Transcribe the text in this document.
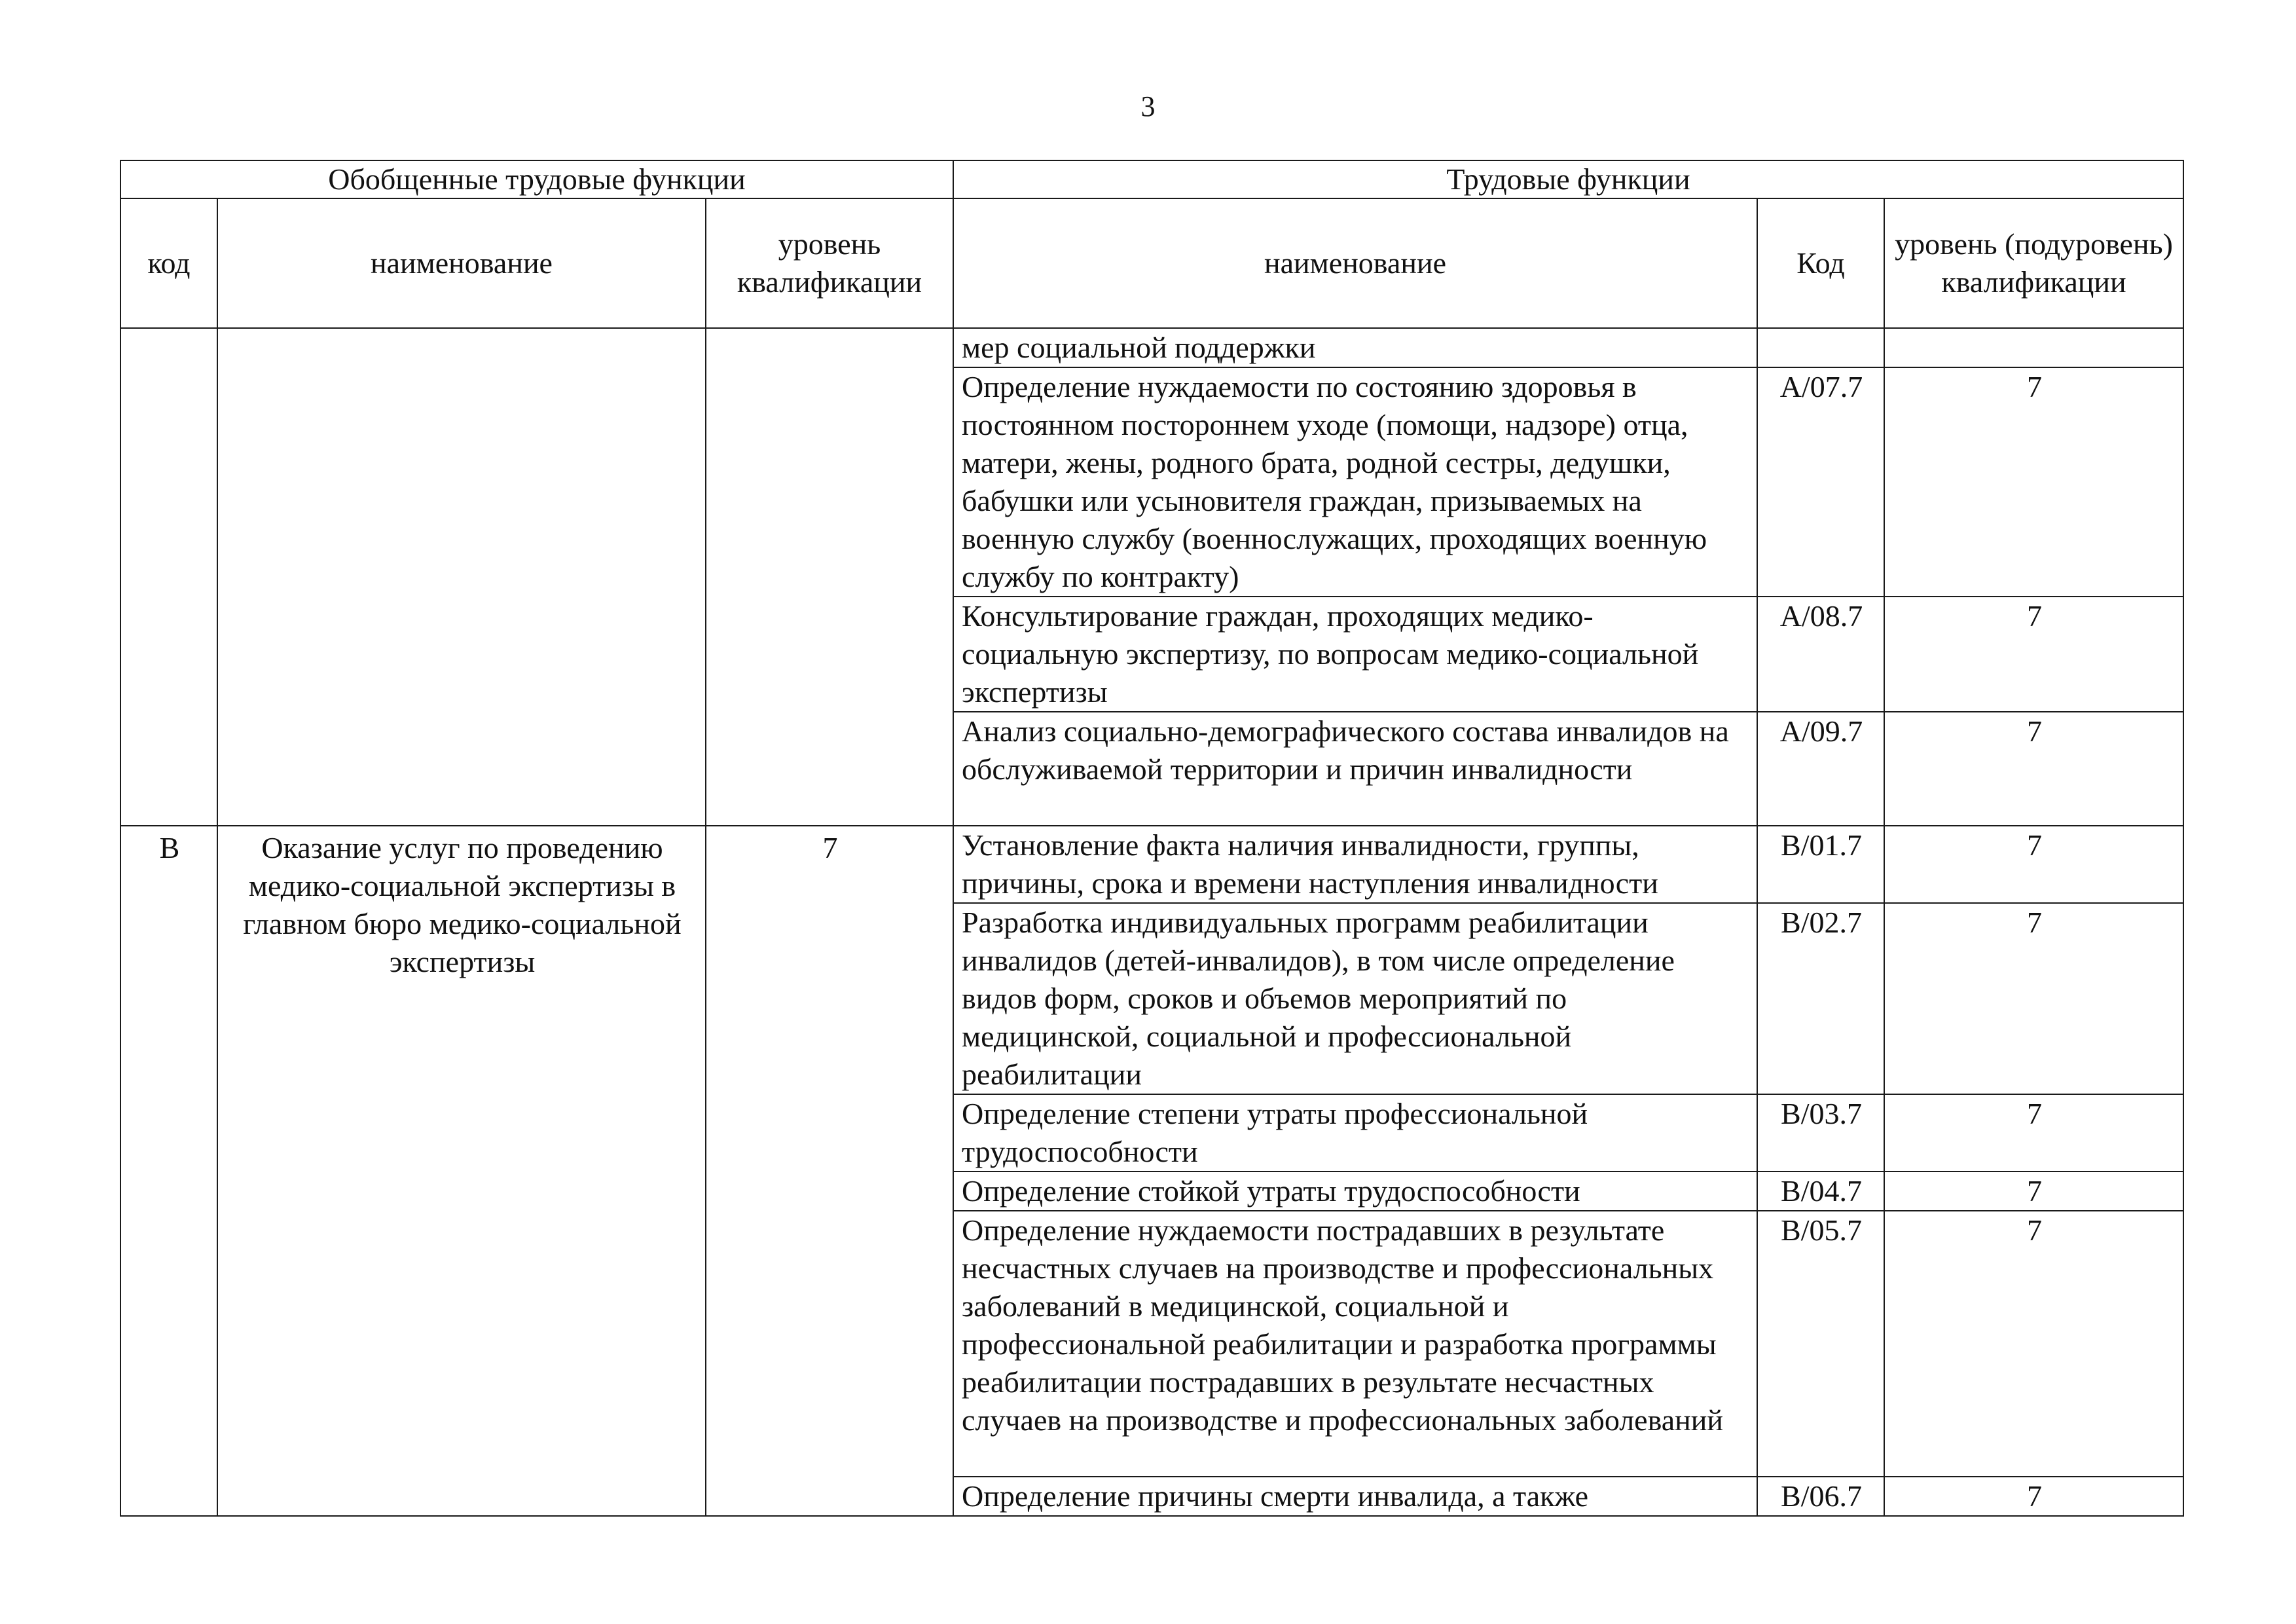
3
Обобщенные трудовые функции			Трудовые функции		
код	наименование	уровень квалификации	наименование	Код	уровень (подуровень) квалификации
			мер социальной поддержки		
			Определение нуждаемости по состоянию здоровья в постоянном постороннем уходе (помощи, надзоре) отца, матери, жены, родного брата, родной сестры, дедушки, бабушки или усыновителя граждан, призываемых на военную службу (военнослужащих, проходящих военную службу по контракту)	A/07.7	7
			Консультирование граждан, проходящих медико-социальную экспертизу, по вопросам медико-социальной экспертизы	A/08.7	7
			Анализ социально-демографического состава инвалидов на обслуживаемой территории и причин инвалидности	A/09.7	7
B	Оказание услуг по проведению медико-социальной экспертизы в главном бюро медико-социальной экспертизы	7	Установление факта наличия инвалидности, группы, причины, срока и времени наступления инвалидности	B/01.7	7
			Разработка индивидуальных программ реабилитации инвалидов (детей-инвалидов), в том числе определение видов форм, сроков и объемов мероприятий по медицинской, социальной и профессиональной реабилитации	B/02.7	7
			Определение степени утраты профессиональной трудоспособности	B/03.7	7
			Определение стойкой утраты трудоспособности	B/04.7	7
			Определение нуждаемости пострадавших в результате несчастных случаев на производстве и профессиональных заболеваний в медицинской, социальной и профессиональной реабилитации и разработка программы реабилитации пострадавших в результате несчастных случаев на производстве и профессиональных заболеваний	B/05.7	7
			Определение причины смерти инвалида, а также	B/06.7	7
